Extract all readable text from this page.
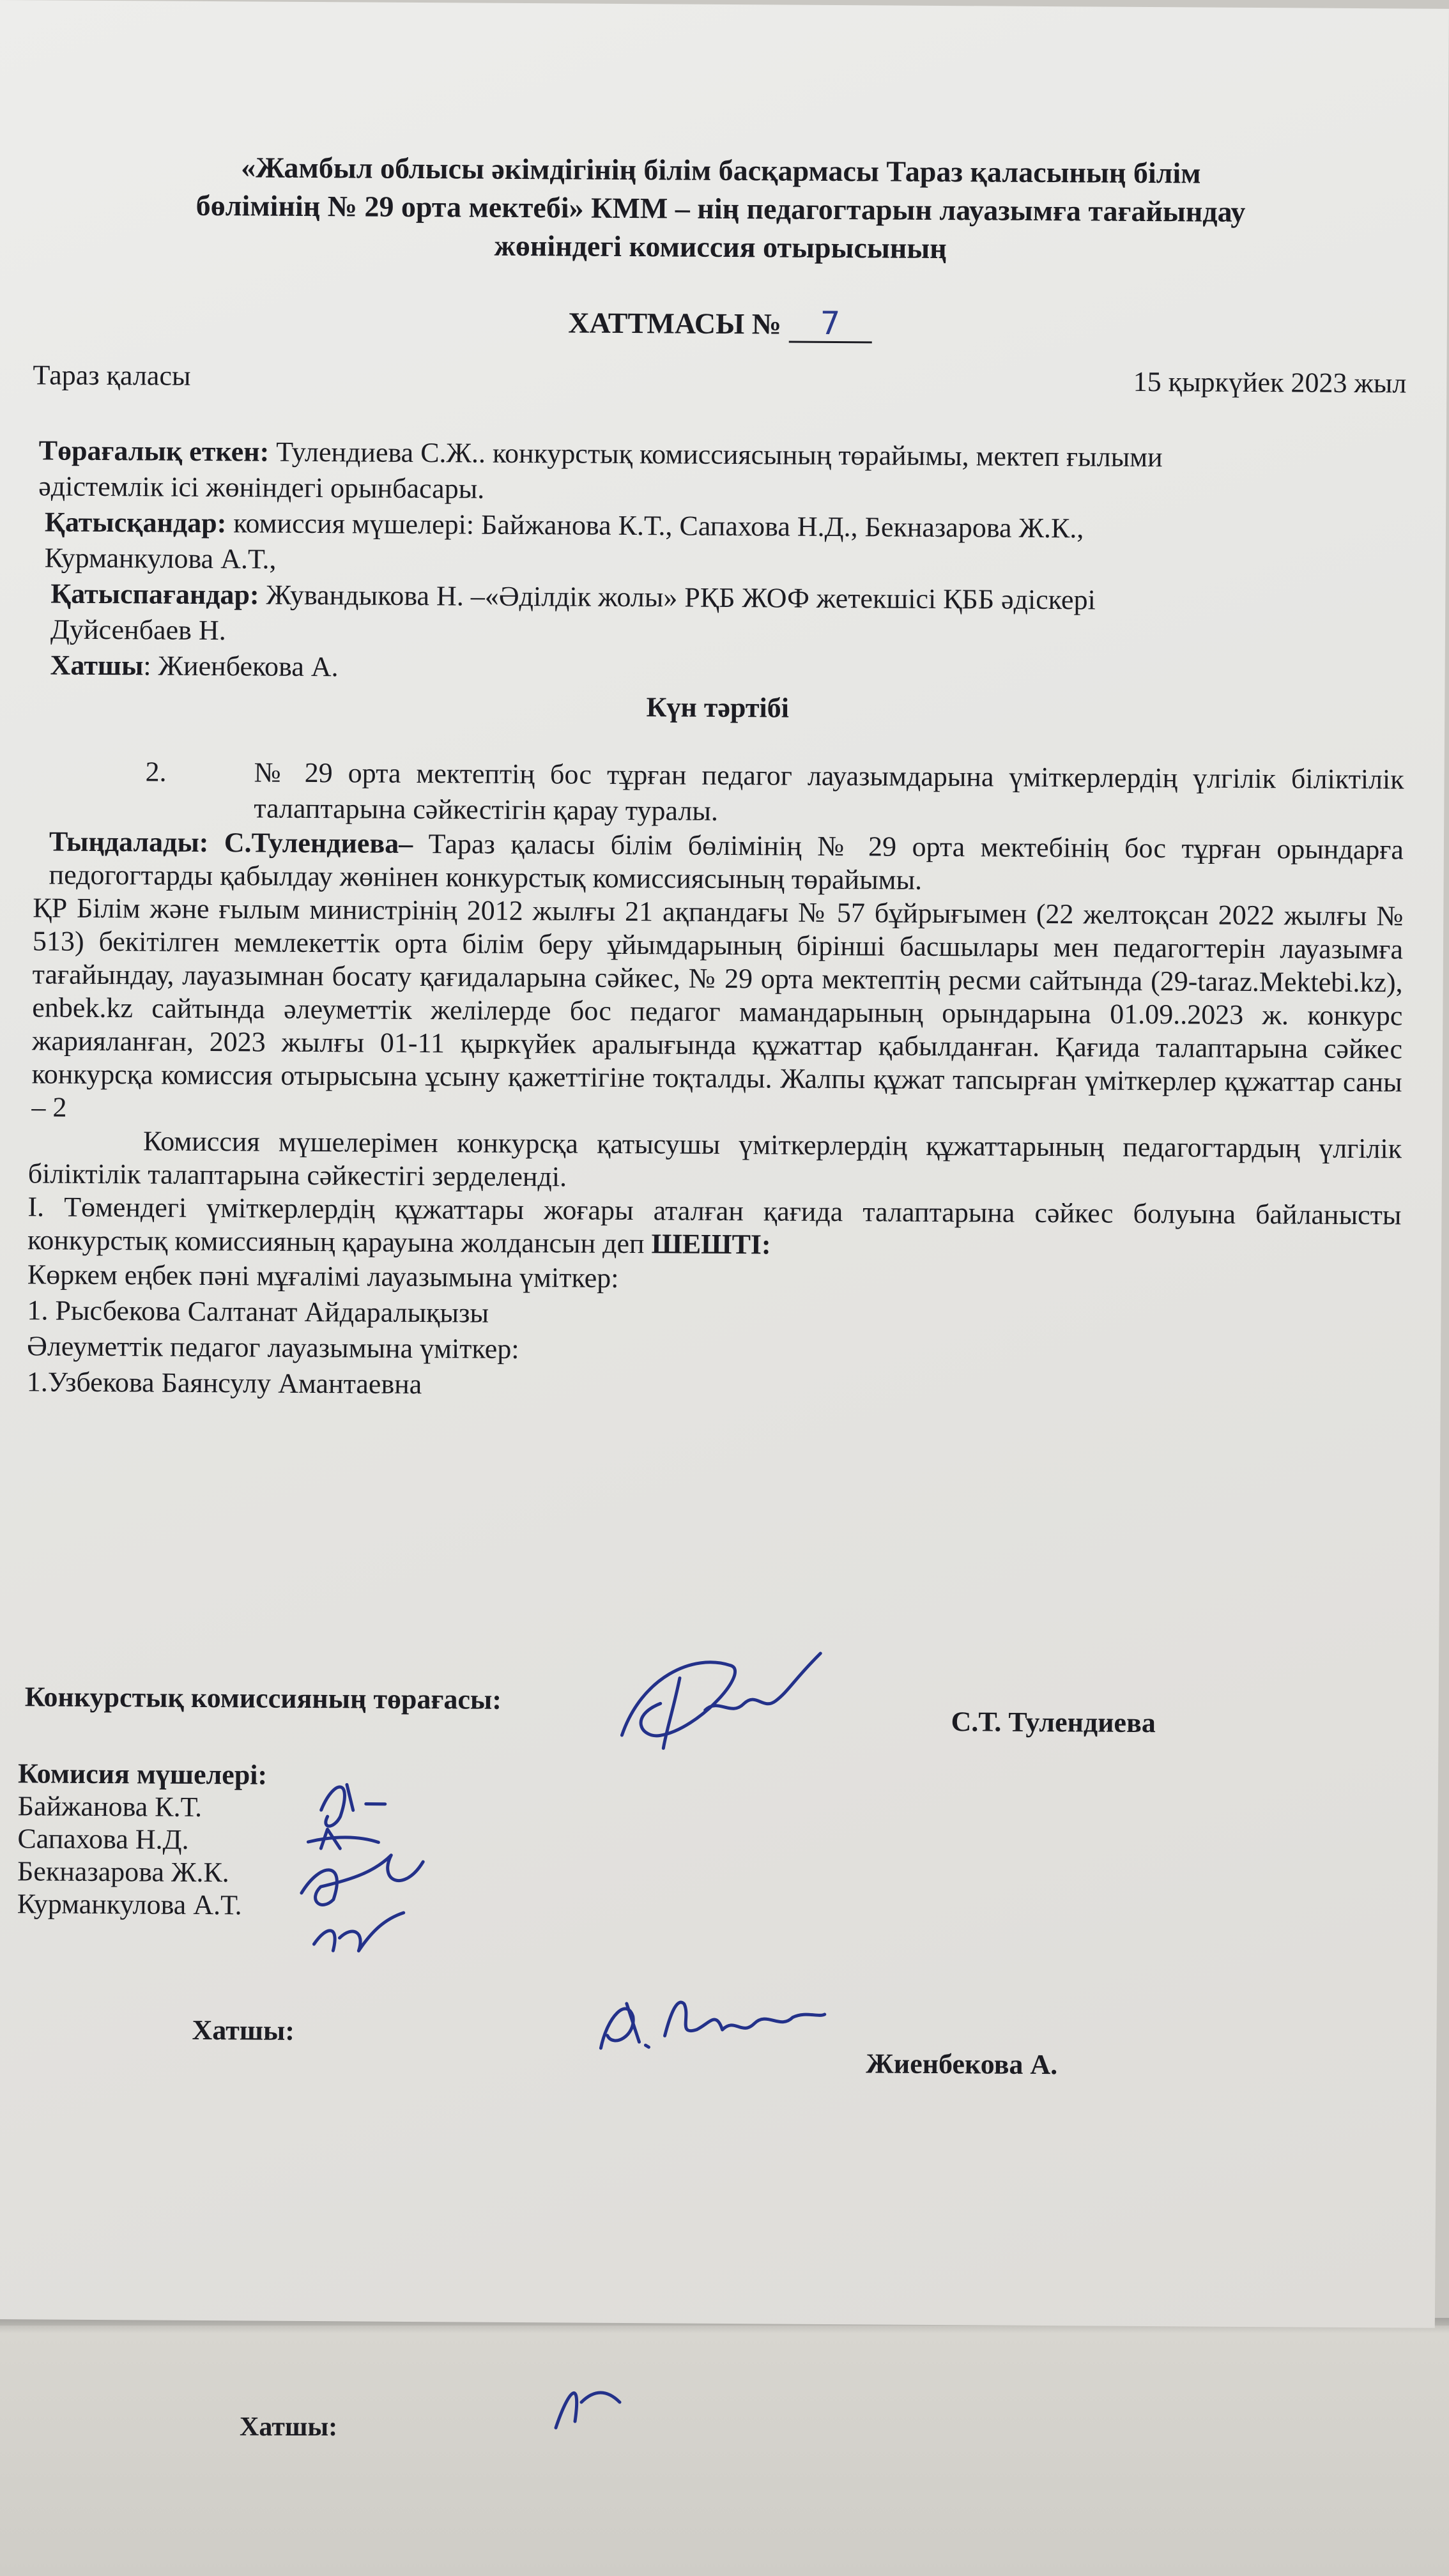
Хатшы:
«Жамбыл облысы әкімдігінің білім басқармасы Тараз қаласының білім
бөлімінің № 29 орта мектебі» КММ – нің педагогтарын лауазымға тағайындау
жөніндегі комиссия отырысының
ХАТТМАСЫ № 7
Тараз қаласы	15 қыркүйек 2023 жыл

Төрағалық еткен: Тулендиева С.Ж.. конкурстық комиссиясының төрайымы, мектеп ғылыми

әдістемлік ісі жөніндегі орынбасары.

Қатысқандар: комиссия мүшелері: Байжанова К.Т., Сапахова Н.Д., Бекназарова Ж.К.,

Курманкулова А.Т.,

Қатыспағандар: Жувандыкова Н. –«Әділдік жолы» РҚБ ЖОФ жетекшісі ҚББ әдіскері

Дуйсенбаев Н.

Хатшы: Жиенбекова А.

Күн тәртібі

2.	№ 29 орта мектептің бос тұрған педагог лауазымдарына үміткерлердің үлгілік біліктілік талаптарына сәйкестігін қарау туралы.

Тыңдалады: С.Тулендиева– Тараз қаласы білім бөлімінің № 29 орта мектебінің бос тұрған орындарға педогогтарды қабылдау жөнінен конкурстық комиссиясының төрайымы.

ҚР Білім және ғылым министрінің 2012 жылғы 21 ақпандағы № 57 бұйрығымен (22 желтоқсан 2022 жылғы № 513) бекітілген мемлекеттік орта білім беру ұйымдарының бірінші басшылары мен педагогтерін лауазымға тағайындау, лауазымнан босату қағидаларына сәйкес, № 29 орта мектептің ресми сайтында (29-taraz.Mektebi.kz), enbek.kz сайтында әлеуметтік желілерде бос педагог мамандарының орындарына 01.09..2023 ж. конкурс жарияланған, 2023 жылғы 01-11 қыркүйек аралығында құжаттар қабылданған. Қағида талаптарына сәйкес конкурсқа комиссия отырысына ұсыну қажеттігіне тоқталды. Жалпы құжат тапсырған үміткерлер құжаттар саны – 2

Комиссия мүшелерімен конкурсқа қатысушы үміткерлердің құжаттарының педагогтардың үлгілік біліктілік талаптарына сәйкестігі зерделенді.

I. Төмендегі үміткерлердің құжаттары жоғары аталған қағида талаптарына сәйкес болуына байланысты конкурстық комиссияның қарауына жолдансын деп ШЕШТІ:

Көркем еңбек пәні мұғалімі лауазымына үміткер:

1. Рысбекова Салтанат Айдаралықызы

Әлеуметтік педагог лауазымына үміткер:

1.Узбекова Баянсулу Амантаевна

Конкурстық комиссияның төрағасы:
С.Т. Тулендиева
Комисия мүшелері:
Байжанова К.Т.
Сапахова Н.Д.
Бекназарова Ж.К.
Курманкулова А.Т.
Хатшы:
Жиенбекова А.
